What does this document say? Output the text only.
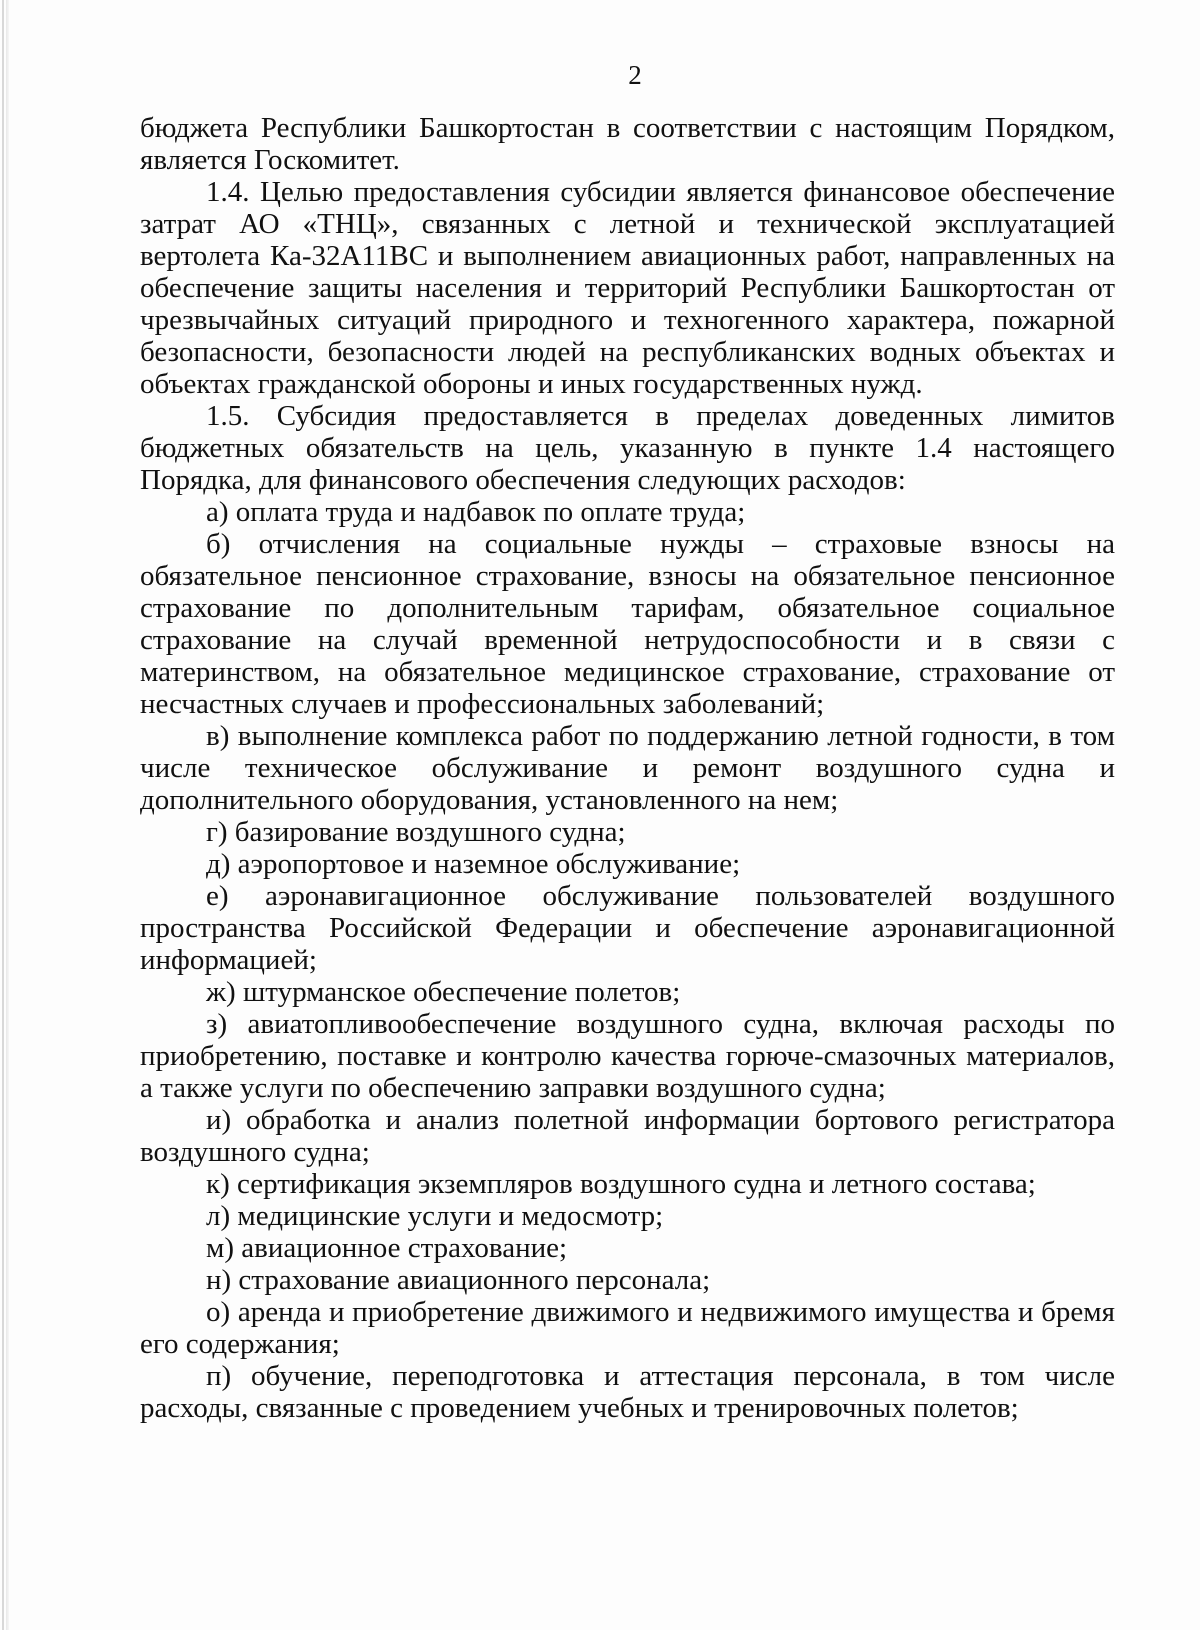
2

бюджета Республики Башкортостан в соответствии с настоящим Порядком, является Госкомитет.

1.4. Целью предоставления субсидии является финансовое обеспечение затрат АО «ТНЦ», связанных с летной и технической эксплуатацией вертолета Ка-32А11ВС и выполнением авиационных работ, направленных на обеспечение защиты населения и территорий Республики Башкортостан от чрезвычайных ситуаций природного и техногенного характера, пожарной безопасности, безопасности людей на республиканских водных объектах и объектах гражданской обороны и иных государственных нужд.

1.5. Субсидия предоставляется в пределах доведенных лимитов бюджетных обязательств на цель, указанную в пункте 1.4 настоящего Порядка, для финансового обеспечения следующих расходов:

а) оплата труда и надбавок по оплате труда;

б) отчисления на социальные нужды – страховые взносы на обязательное пенсионное страхование, взносы на обязательное пенсионное страхование по дополнительным тарифам, обязательное социальное страхование на случай временной нетрудоспособности и в связи с материнством, на обязательное медицинское страхование, страхование от несчастных случаев и профессиональных заболеваний;

в) выполнение комплекса работ по поддержанию летной годности, в том числе техническое обслуживание и ремонт воздушного судна и дополнительного оборудования, установленного на нем;

г) базирование воздушного судна;

д) аэропортовое и наземное обслуживание;

е) аэронавигационное обслуживание пользователей воздушного пространства Российской Федерации и обеспечение аэронавигационной информацией;

ж) штурманское обеспечение полетов;

з) авиатопливообеспечение воздушного судна, включая расходы по приобретению, поставке и контролю качества горюче-смазочных материалов, а также услуги по обеспечению заправки воздушного судна;

и) обработка и анализ полетной информации бортового регистратора воздушного судна;

к) сертификация экземпляров воздушного судна и летного состава;

л) медицинские услуги и медосмотр;

м) авиационное страхование;

н) страхование авиационного персонала;

о) аренда и приобретение движимого и недвижимого имущества и бремя его содержания;

п) обучение, переподготовка и аттестация персонала, в том числе расходы, связанные с проведением учебных и тренировочных полетов;
